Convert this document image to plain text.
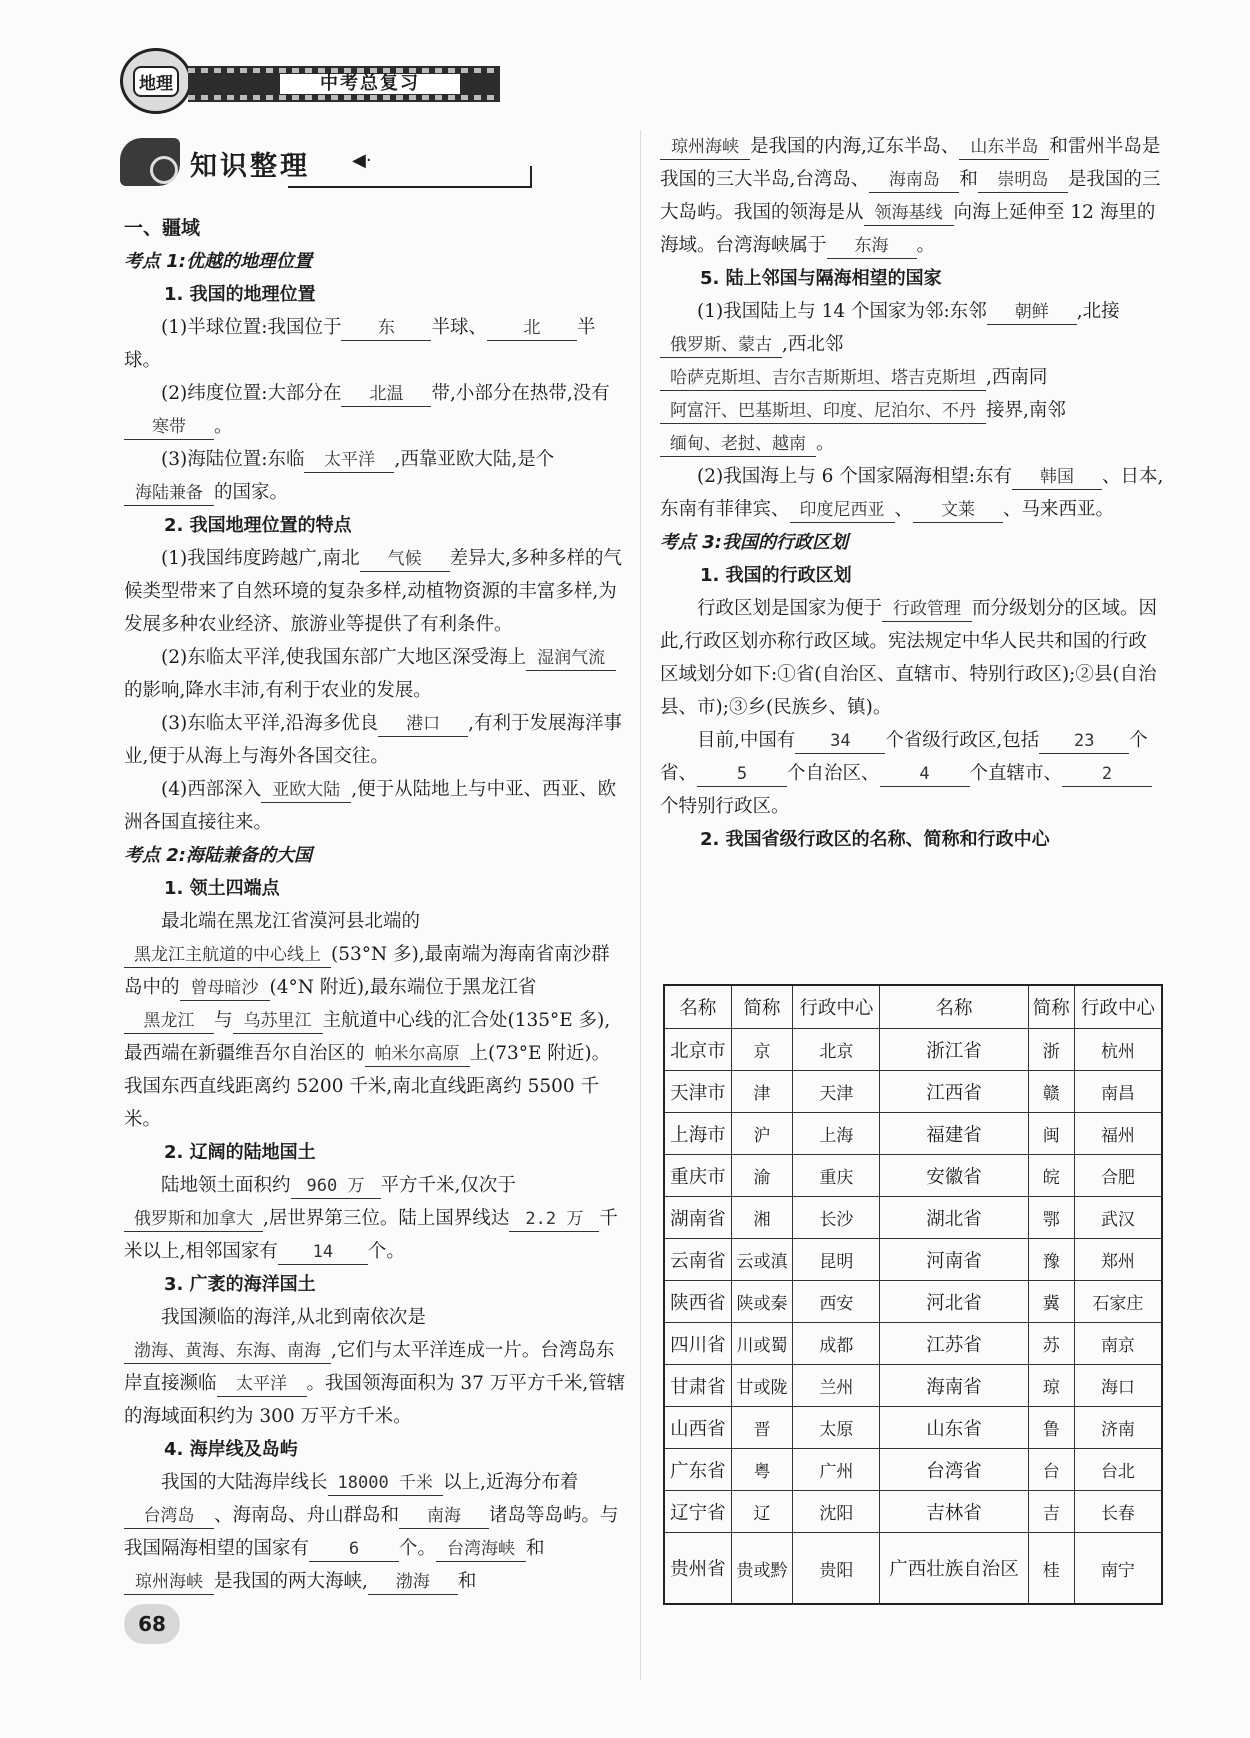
地理	中考总复习
知识整理 ◀·

一、疆域

考点 1:优越的地理位置

1. 我国的地理位置

(1)半球位置:我国位于 东 半球、 北 半球。

(2)纬度位置:大部分在 北温 带,小部分在热带,没有寒带 。

(3)海陆位置:东临 太平洋 ,西靠亚欧大陆,是个海陆兼备 的国家。

2. 我国地理位置的特点

(1)我国纬度跨越广,南北 气候 差异大,多种多样的气候类型带来了自然环境的复杂多样,动植物资源的丰富多样,为发展多种农业经济、旅游业等提供了有利条件。

(2)东临太平洋,使我国东部广大地区深受海上 湿润气流的影响,降水丰沛,有利于农业的发展。

(3)东临太平洋,沿海多优良 港口 ,有利于发展海洋事业,便于从海上与海外各国交往。

(4)西部深入 亚欧大陆 ,便于从陆地上与中亚、西亚、欧洲各国直接往来。

考点 2:海陆兼备的大国

1. 领土四端点

最北端在黑龙江省漠河县北端的黑龙江主航道的中心线上 (53°N 多),最南端为海南省南沙群岛中的 曾母暗沙 (4°N 附近),最东端位于黑龙江省黑龙江 与 乌苏里江 主航道中心线的汇合处(135°E 多),最西端在新疆维吾尔自治区的 帕米尔高原 上(73°E 附近)。我国东西直线距离约 5200 千米,南北直线距离约 5500 千米。

2. 辽阔的陆地国土

陆地领土面积约 960 万 平方千米,仅次于俄罗斯和加拿大 ,居世界第三位。陆上国界线达 2.2 万 千米以上,相邻国家有 14 个。

3. 广袤的海洋国土

我国濒临的海洋,从北到南依次是渤海、黄海、东海、南海 ,它们与太平洋连成一片。台湾岛东岸直接濒临 太平洋 。我国领海面积为 37 万平方千米,管辖的海域面积约为 300 万平方千米。

4. 海岸线及岛屿

我国的大陆海岸线长 18000 千米 以上,近海分布着台湾岛 、海南岛、舟山群岛和 南海 诸岛等岛屿。与我国隔海相望的国家有 6 个。 台湾海峡 和琼州海峡 是我国的两大海峡, 渤海 和

琼州海峡 是我国的内海,辽东半岛、 山东半岛 和雷州半岛是我国的三大半岛,台湾岛、 海南岛 和 崇明岛 是我国的三大岛屿。我国的领海是从 领海基线 向海上延伸至 12 海里的海域。台湾海峡属于 东海 。

5. 陆上邻国与隔海相望的国家

(1)我国陆上与 14 个国家为邻:东邻 朝鲜 ,北接俄罗斯、蒙古 ,西北邻哈萨克斯坦、吉尔吉斯斯坦、塔吉克斯坦 ,西南同阿富汗、巴基斯坦、印度、尼泊尔、不丹 接界,南邻缅甸、老挝、越南 。

(2)我国海上与 6 个国家隔海相望:东有 韩国 、日本,东南有菲律宾、 印度尼西亚 、 文莱 、马来西亚。

考点 3:我国的行政区划

1. 我国的行政区划

行政区划是国家为便于 行政管理 而分级划分的区域。因此,行政区划亦称行政区域。宪法规定中华人民共和国的行政区域划分如下:①省(自治区、直辖市、特别行政区);②县(自治县、市);③乡(民族乡、镇)。

目前,中国有 34 个省级行政区,包括 23 个省、 5 个自治区、 4 个直辖市、 2个特别行政区。

2. 我国省级行政区的名称、简称和行政中心

名称	简称	行政中心	名称	简称	行政中心
北京市	京	北京	浙江省	浙	杭州
天津市	津	天津	江西省	赣	南昌
上海市	沪	上海	福建省	闽	福州
重庆市	渝	重庆	安徽省	皖	合肥
湖南省	湘	长沙	湖北省	鄂	武汉
云南省	云或滇	昆明	河南省	豫	郑州
陕西省	陕或秦	西安	河北省	冀	石家庄
四川省	川或蜀	成都	江苏省	苏	南京
甘肃省	甘或陇	兰州	海南省	琼	海口
山西省	晋	太原	山东省	鲁	济南
广东省	粤	广州	台湾省	台	台北
辽宁省	辽	沈阳	吉林省	吉	长春
贵州省	贵或黔	贵阳	广西壮族自治区	桂	南宁
68
